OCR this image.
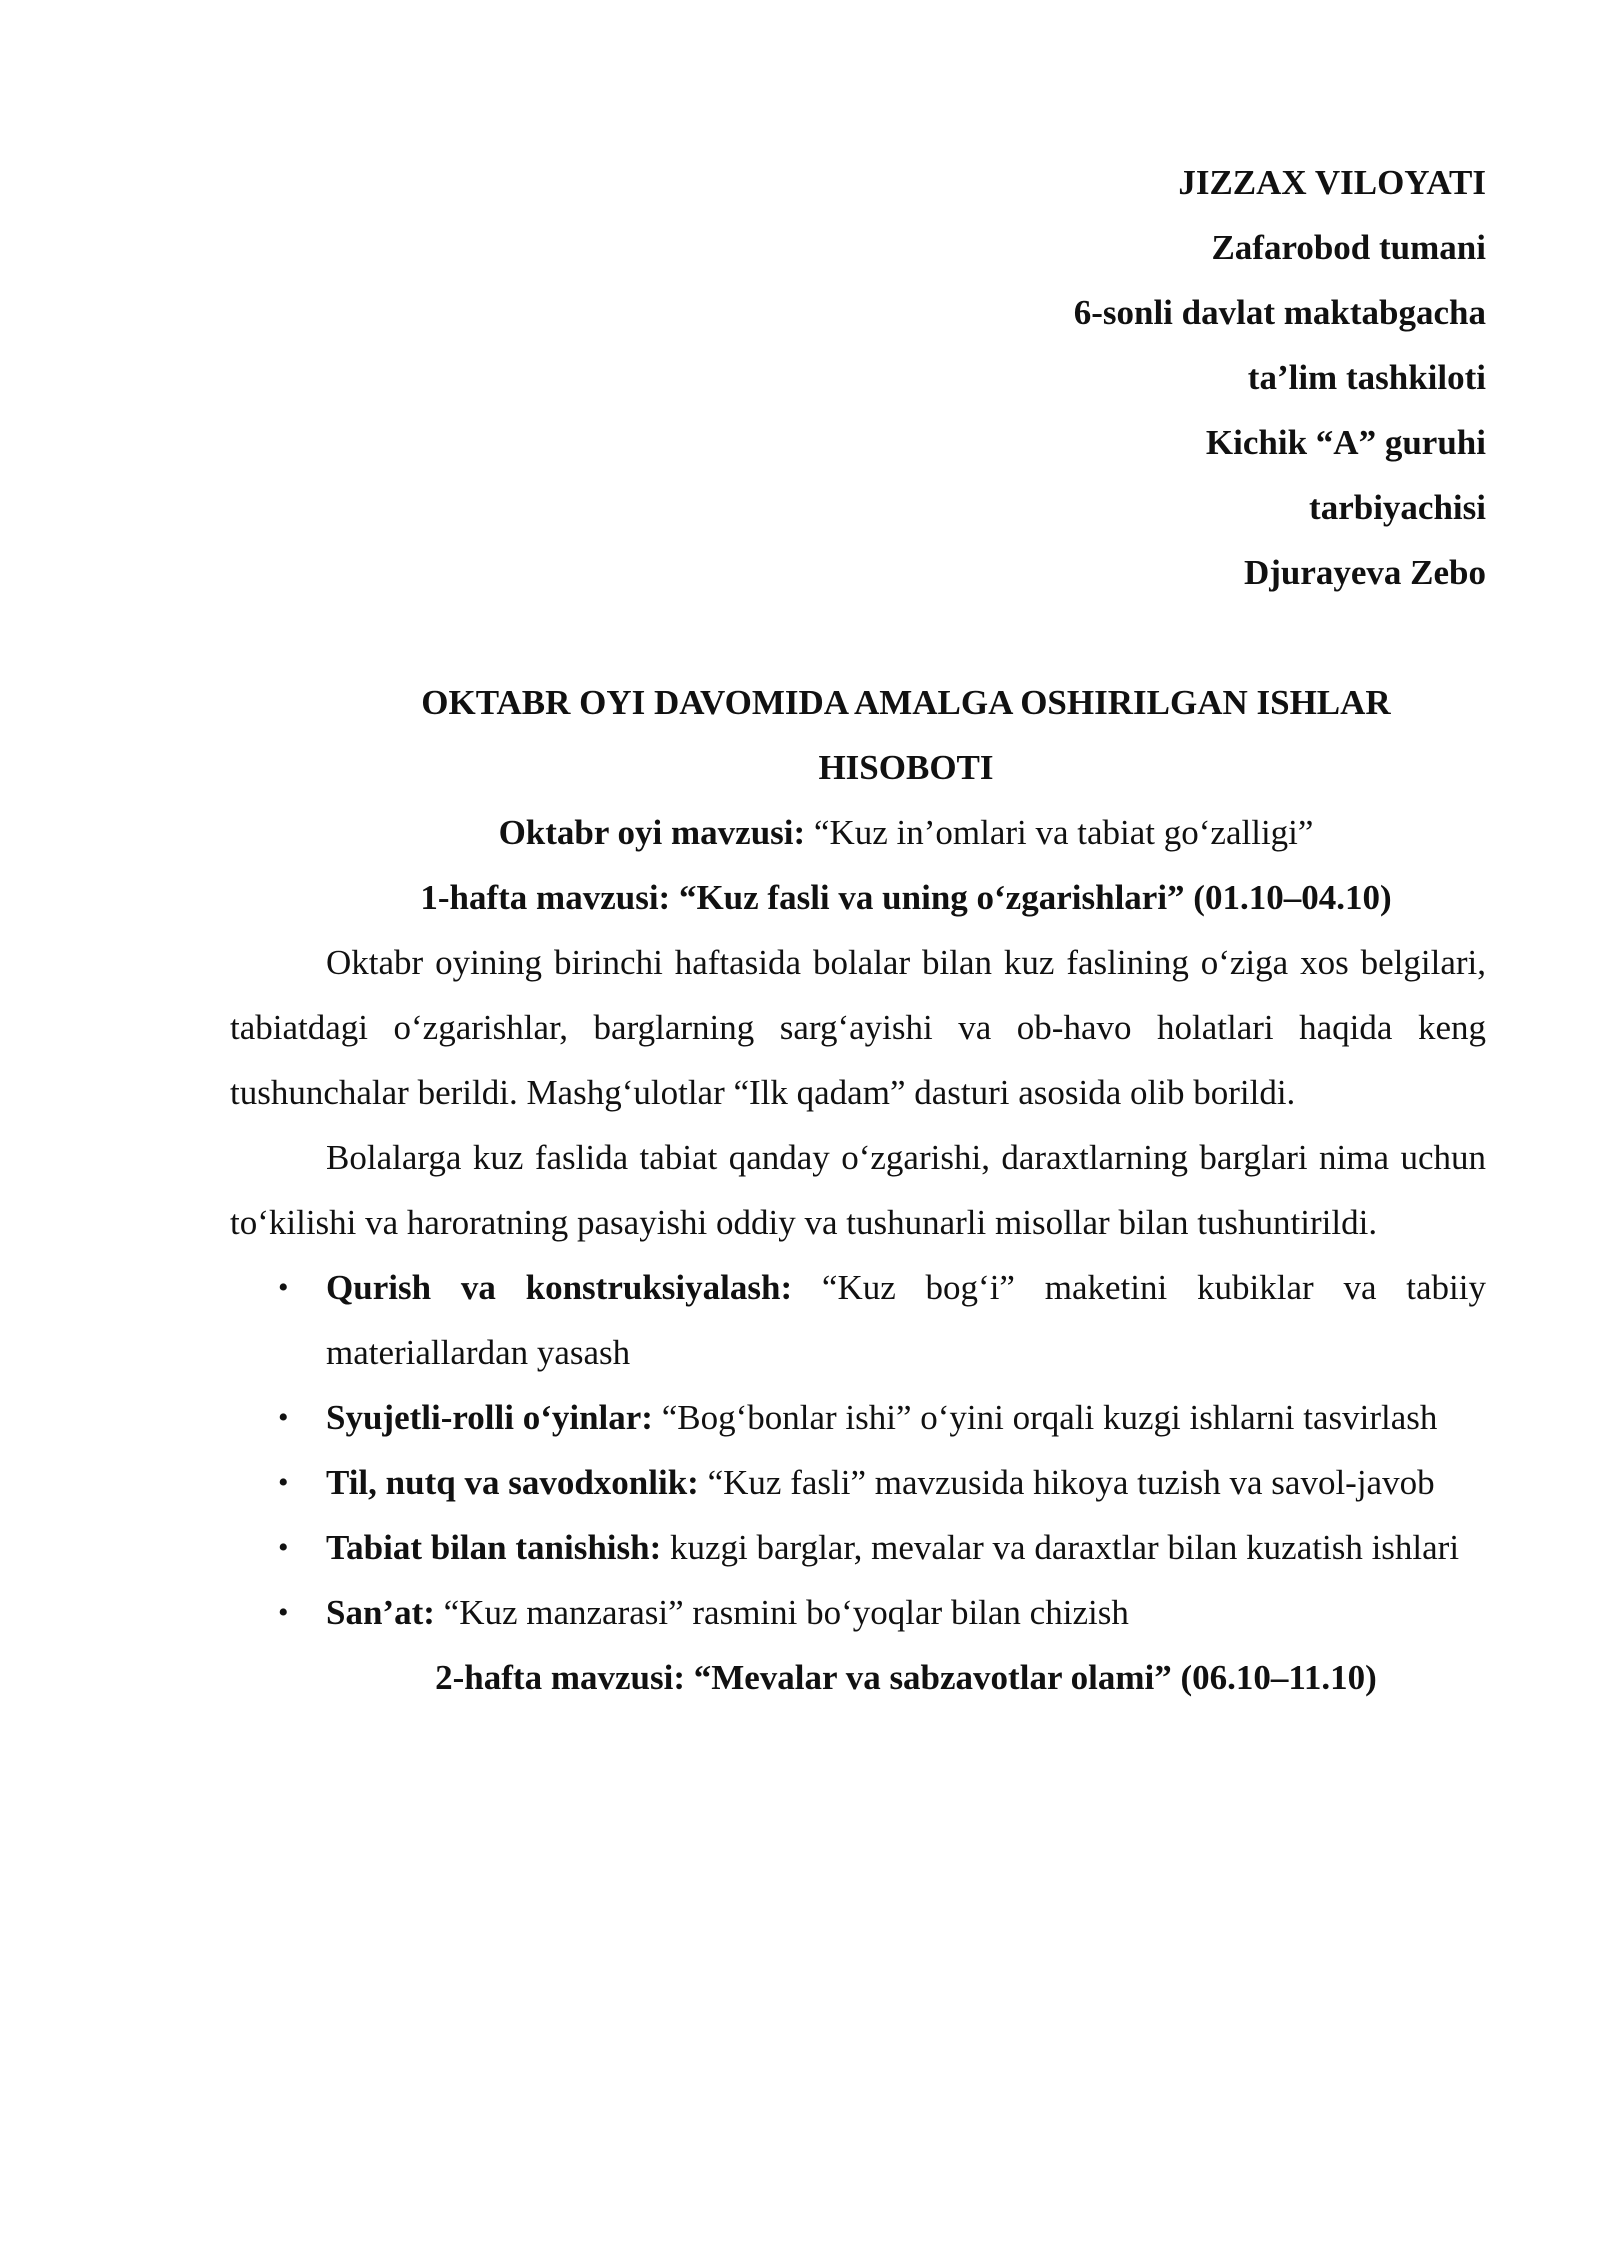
JIZZAX VILOYATI
Zafarobod tumani
6-sonli davlat maktabgacha
ta’lim tashkiloti
Kichik “A” guruhi
tarbiyachisi
Djurayeva Zebo
OKTABR OYI DAVOMIDA AMALGA OSHIRILGAN ISHLAR
HISOBOTI
Oktabr oyi mavzusi: “Kuz in’omlari va tabiat go‘zalligi”
1-hafta mavzusi: “Kuz fasli va uning o‘zgarishlari” (01.10–04.10)

Oktabr oyining birinchi haftasida bolalar bilan kuz faslining o‘ziga xos belgilari, tabiatdagi o‘zgarishlar, barglarning sarg‘ayishi va ob-havo holatlari haqida keng tushunchalar berildi. Mashg‘ulotlar “Ilk qadam” dasturi asosida olib borildi.

Bolalarga kuz faslida tabiat qanday o‘zgarishi, daraxtlarning barglari nima uchun to‘kilishi va haroratning pasayishi oddiy va tushunarli misollar bilan tushuntirildi.

• Qurish va konstruksiyalash: “Kuz bog‘i” maketini kubiklar va tabiiy materiallardan yasash
• Syujetli-rolli o‘yinlar: “Bog‘bonlar ishi” o‘yini orqali kuzgi ishlarni tasvirlash
• Til, nutq va savodxonlik: “Kuz fasli” mavzusida hikoya tuzish va savol-javob
• Tabiat bilan tanishish: kuzgi barglar, mevalar va daraxtlar bilan kuzatish ishlari
• San’at: “Kuz manzarasi” rasmini bo‘yoqlar bilan chizish
2-hafta mavzusi: “Mevalar va sabzavotlar olami” (06.10–11.10)
